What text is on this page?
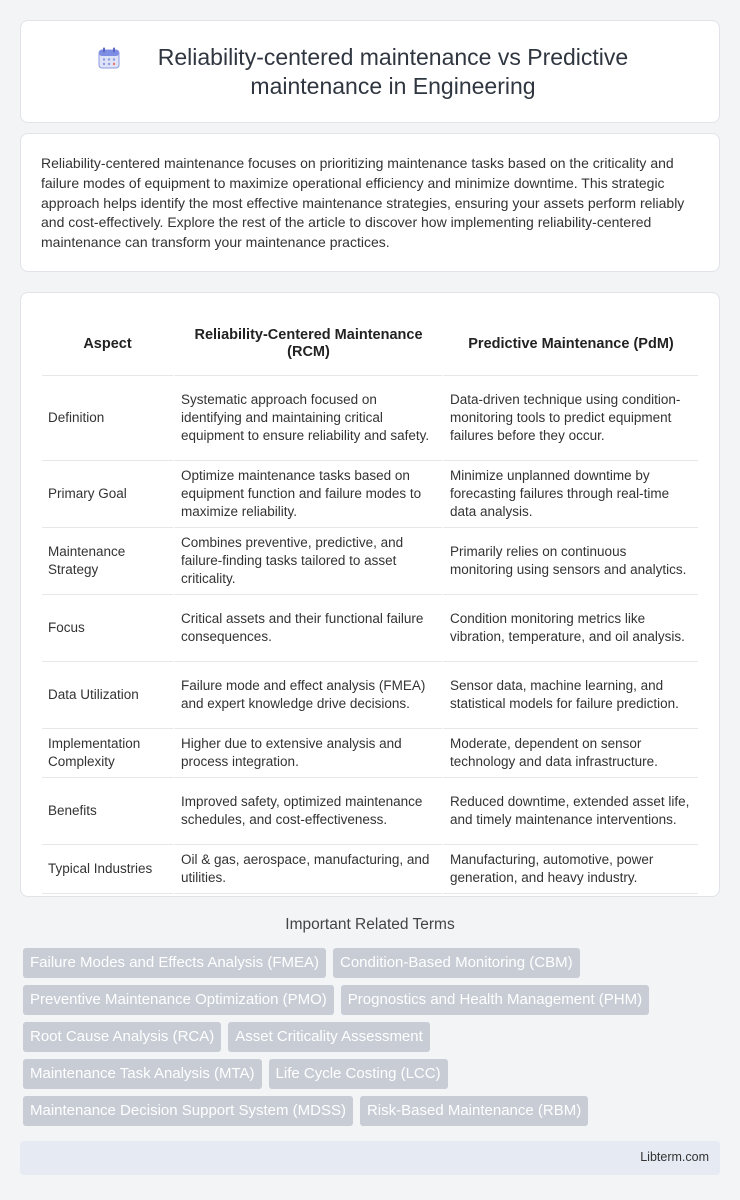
Reliability-centered maintenance vs Predictive maintenance in Engineering

Reliability-centered maintenance focuses on prioritizing maintenance tasks based on the criticality and failure modes of equipment to maximize operational efficiency and minimize downtime. This strategic approach helps identify the most effective maintenance strategies, ensuring your assets perform reliably and cost-effectively. Explore the rest of the article to discover how implementing reliability-centered maintenance can transform your maintenance practices.

Aspect	Reliability-Centered Maintenance (RCM)	Predictive Maintenance (PdM)
Definition	Systematic approach focused on identifying and maintaining critical equipment to ensure reliability and safety.	Data-driven technique using condition-monitoring tools to predict equipment failures before they occur.
Primary Goal	Optimize maintenance tasks based on equipment function and failure modes to maximize reliability.	Minimize unplanned downtime by forecasting failures through real-time data analysis.
Maintenance Strategy	Combines preventive, predictive, and failure-finding tasks tailored to asset criticality.	Primarily relies on continuous monitoring using sensors and analytics.
Focus	Critical assets and their functional failure consequences.	Condition monitoring metrics like vibration, temperature, and oil analysis.
Data Utilization	Failure mode and effect analysis (FMEA) and expert knowledge drive decisions.	Sensor data, machine learning, and statistical models for failure prediction.
Implementation Complexity	Higher due to extensive analysis and process integration.	Moderate, dependent on sensor technology and data infrastructure.
Benefits	Improved safety, optimized maintenance schedules, and cost-effectiveness.	Reduced downtime, extended asset life, and timely maintenance interventions.
Typical Industries	Oil & gas, aerospace, manufacturing, and utilities.	Manufacturing, automotive, power generation, and heavy industry.
Important Related Terms
Failure Modes and Effects Analysis (FMEA)	Condition-Based Monitoring (CBM)
Preventive Maintenance Optimization (PMO)	Prognostics and Health Management (PHM)
Root Cause Analysis (RCA)	Asset Criticality Assessment
Maintenance Task Analysis (MTA)	Life Cycle Costing (LCC)
Maintenance Decision Support System (MDSS)	Risk-Based Maintenance (RBM)
Libterm.com
